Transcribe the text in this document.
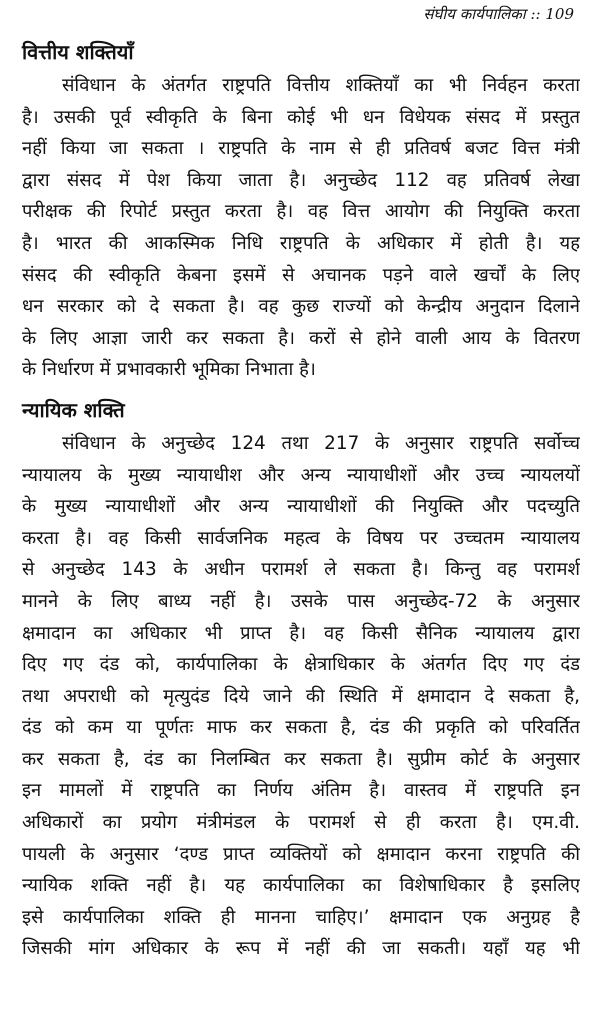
संघीय कार्यपालिका :: 109
वित्तीय शक्तियाँ
संविधान के अंतर्गत राष्ट्रपति वित्तीय शक्तियाँ का भी निर्वहन करता
है। उसकी पूर्व स्वीकृति के बिना कोई भी धन विधेयक संसद में प्रस्तुत
नहीं किया जा सकता । राष्ट्रपति के नाम से ही प्रतिवर्ष बजट वित्त मंत्री
द्वारा संसद में पेश किया जाता है। अनुच्छेद 112 वह प्रतिवर्ष लेखा
परीक्षक की रिपोर्ट प्रस्तुत करता है। वह वित्त आयोग की नियुक्ति करता
है। भारत की आकस्मिक निधि राष्ट्रपति के अधिकार में होती है। यह
संसद की स्वीकृति केबना इसमें से अचानक पड़ने वाले खर्चों के लिए
धन सरकार को दे सकता है। वह कुछ राज्यों को केन्द्रीय अनुदान दिलाने
के लिए आज्ञा जारी कर सकता है। करों से होने वाली आय के वितरण
के निर्धारण में प्रभावकारी भूमिका निभाता है।
न्यायिक शक्ति
संविधान के अनुच्छेद 124 तथा 217 के अनुसार राष्ट्रपति सर्वोच्च
न्यायालय के मुख्य न्यायाधीश और अन्य न्यायाधीशों और उच्च न्यायलयों
के मुख्य न्यायाधीशों और अन्य न्यायाधीशों की नियुक्ति और पदच्युति
करता है। वह किसी सार्वजनिक महत्व के विषय पर उच्चतम न्यायालय
से अनुच्छेद 143 के अधीन परामर्श ले सकता है। किन्तु वह परामर्श
मानने के लिए बाध्य नहीं है। उसके पास अनुच्छेद-72 के अनुसार
क्षमादान का अधिकार भी प्राप्त है। वह किसी सैनिक न्यायालय द्वारा
दिए गए दंड को, कार्यपालिका के क्षेत्राधिकार के अंतर्गत दिए गए दंड
तथा अपराधी को मृत्युदंड दिये जाने की स्थिति में क्षमादान दे सकता है,
दंड को कम या पूर्णतः माफ कर सकता है, दंड की प्रकृति को परिवर्तित
कर सकता है, दंड का निलम्बित कर सकता है। सुप्रीम कोर्ट के अनुसार
इन मामलों में राष्ट्रपति का निर्णय अंतिम है। वास्तव में राष्ट्रपति इन
अधिकारों का प्रयोग मंत्रीमंडल के परामर्श से ही करता है। एम.वी.
पायली के अनुसार ‘दण्ड प्राप्त व्यक्तियों को क्षमादान करना राष्ट्रपति की
न्यायिक शक्ति नहीं है। यह कार्यपालिका का विशेषाधिकार है इसलिए
इसे कार्यपालिका शक्ति ही मानना चाहिए।’ क्षमादान एक अनुग्रह है
जिसकी मांग अधिकार के रूप में नहीं की जा सकती। यहाँ यह भी
